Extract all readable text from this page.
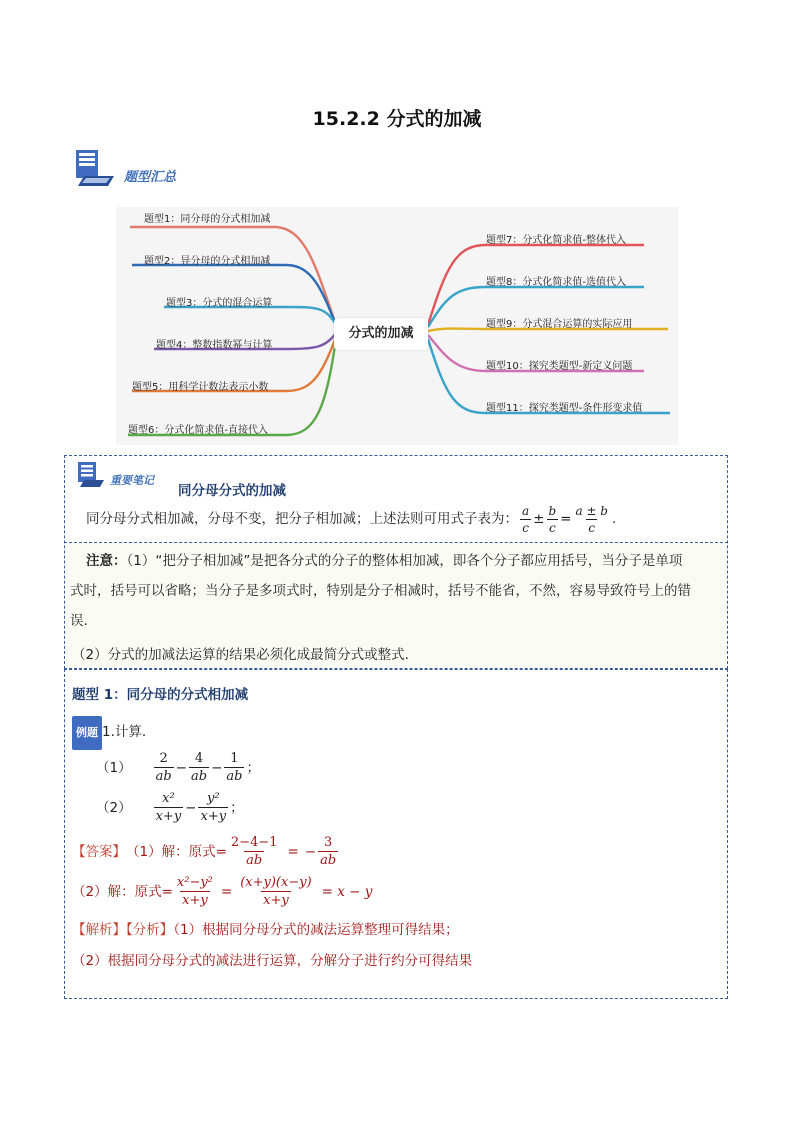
15.2.2 分式的加减
题型汇总
题型1：同分母的分式相加减
题型2：异分母的分式相加减
题型3：分式的混合运算
题型4：整数指数幂与计算
题型5：用科学计数法表示小数
题型6：分式化简求值-直接代入
题型7：分式化简求值-整体代入
题型8：分式化简求值-选值代入
题型9：分式混合运算的实际应用
题型10：探究类题型-新定义问题
题型11：探究类题型-条件形变求值
分式的加减
重要笔记
同分母分式的加减
同分母分式相加减，分母不变，把分子相加减；上述法则可用式子表为： $\frac{a}{c} \pm \frac{b}{c} = \frac{a \pm b}{c}$ .
注意：（1）“把分子相加减”是把各分式的分子的整体相加减，即各个分子都应用括号，当分子是单项
式时，括号可以省略；当分子是多项式时，特别是分子相减时，括号不能省，不然，容易导致符号上的错
误.
（2）分式的加减法运算的结果必须化成最简分式或整式.
题型 1：同分母的分式相加减
例题 1.计算.
$(1) \frac{2}{ab} - \frac{4}{ab} - \frac{1}{ab}$ ；
$(2) \frac{\text{x²}}{x+y} - \frac{\text{y²}}{x+y}$ ；
【答案】 （1）解：原式= $\frac{2-4-1}{ab}$ = − $\frac{3}{ab}$
（2）解：原式= $\frac{\text{x²−y²}}{x+y} = \frac{(x+y)(x-y)}{x+y} = x - y$
【解析】【分析】（1）根据同分母分式的减法运算整理可得结果；
（2）根据同分母分式的减法进行运算，分解分子进行约分可得结果
